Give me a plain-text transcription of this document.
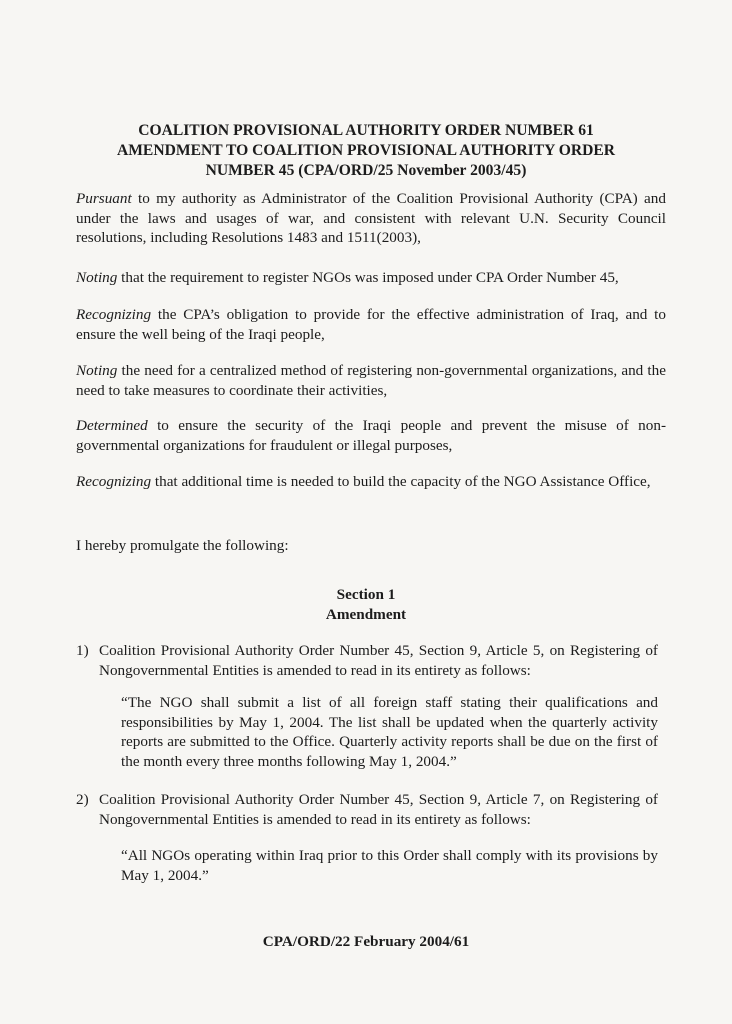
COALITION PROVISIONAL AUTHORITY ORDER NUMBER 61
AMENDMENT TO COALITION PROVISIONAL AUTHORITY ORDER
NUMBER 45 (CPA/ORD/25 November 2003/45)
Pursuant to my authority as Administrator of the Coalition Provisional Authority (CPA) and under the laws and usages of war, and consistent with relevant U.N. Security Council resolutions, including Resolutions 1483 and 1511(2003),
Noting that the requirement to register NGOs was imposed under CPA Order Number 45,
Recognizing the CPA’s obligation to provide for the effective administration of Iraq, and to ensure the well being of the Iraqi people,
Noting the need for a centralized method of registering non-governmental organizations, and the need to take measures to coordinate their activities,
Determined to ensure the security of the Iraqi people and prevent the misuse of non-governmental organizations for fraudulent or illegal purposes,
Recognizing that additional time is needed to build the capacity of the NGO Assistance Office,
I hereby promulgate the following:
Section 1
Amendment
1) Coalition Provisional Authority Order Number 45, Section 9, Article 5, on Registering of Nongovernmental Entities is amended to read in its entirety as follows:
“The NGO shall submit a list of all foreign staff stating their qualifications and responsibilities by May 1, 2004. The list shall be updated when the quarterly activity reports are submitted to the Office. Quarterly activity reports shall be due on the first of the month every three months following May 1, 2004.”
2) Coalition Provisional Authority Order Number 45, Section 9, Article 7, on Registering of Nongovernmental Entities is amended to read in its entirety as follows:
“All NGOs operating within Iraq prior to this Order shall comply with its provisions by May 1, 2004.”
CPA/ORD/22 February 2004/61
